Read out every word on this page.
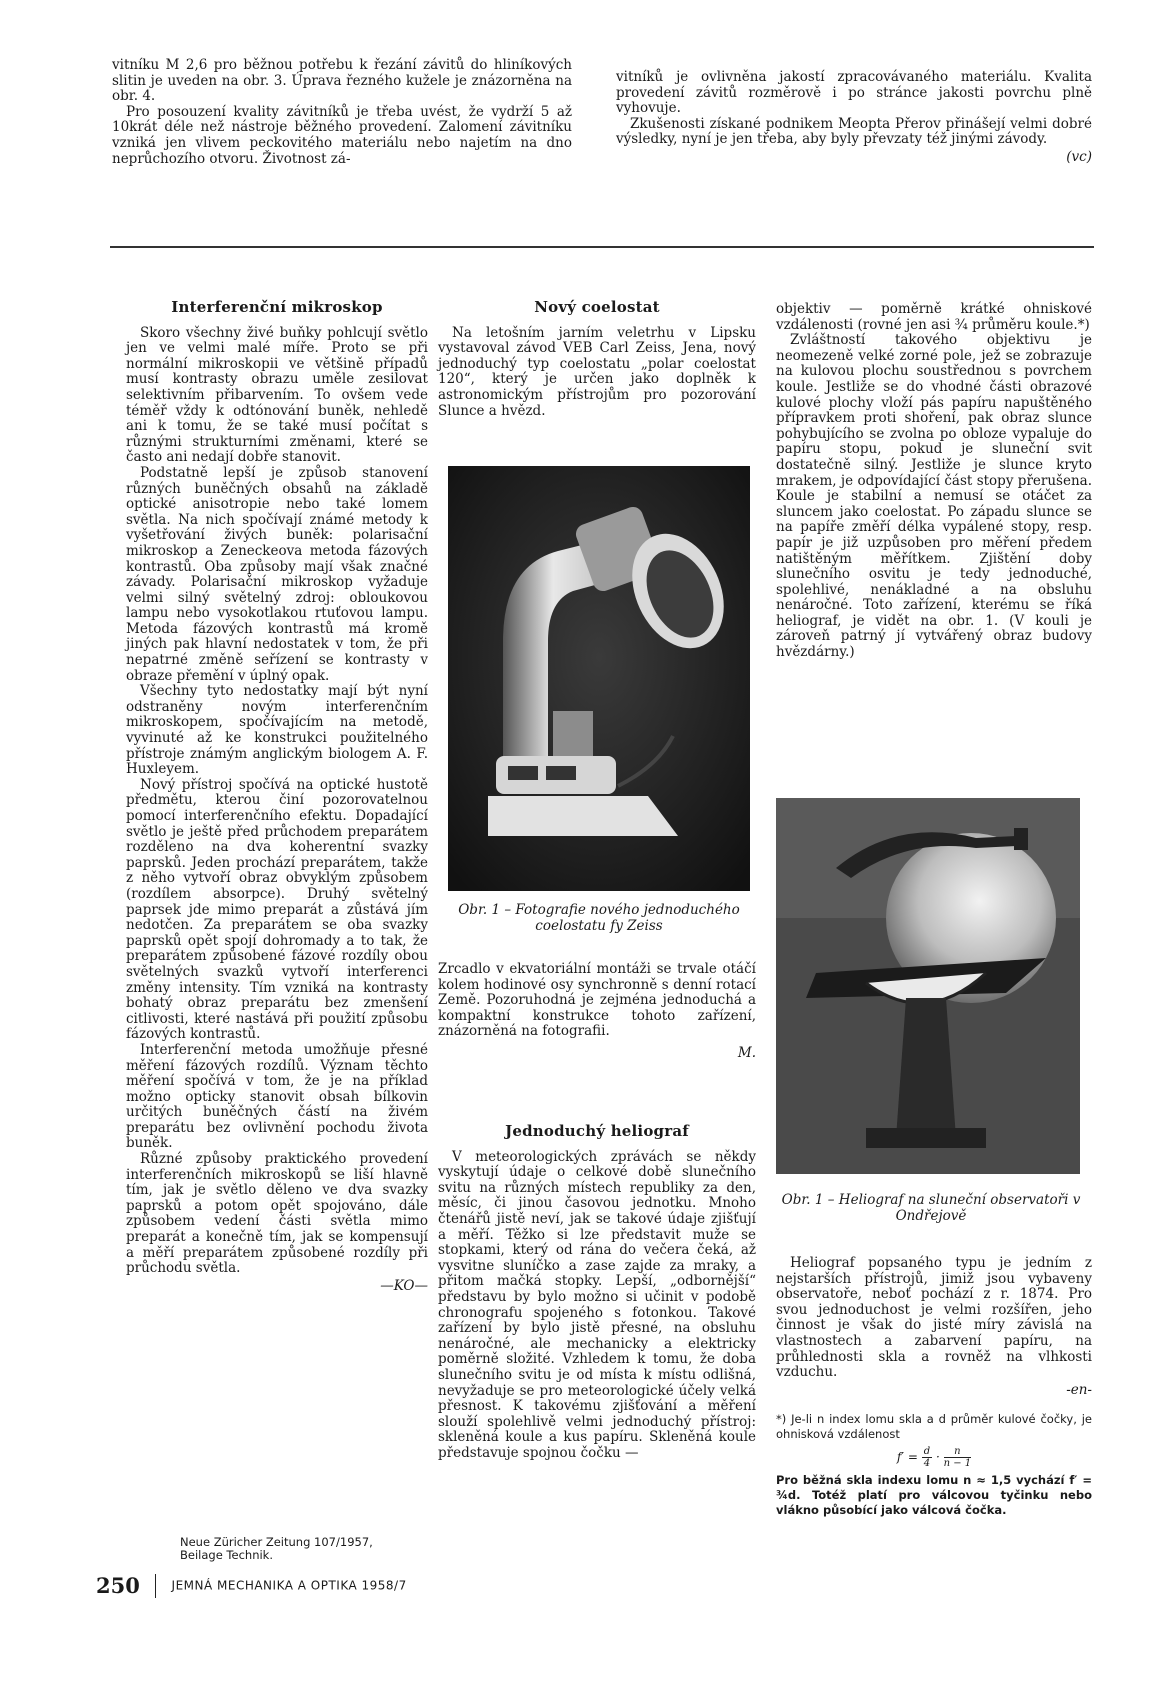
vitníku M 2,6 pro běžnou potřebu k řezání závitů do hliníkových slitin je uveden na obr. 3. Úprava řezného kužele je znázorněna na obr. 4.

Pro posouzení kvality závitníků je třeba uvést, že vydrží 5 až 10krát déle než nástroje běžného provedení. Zalomení závitníku vzniká jen vlivem peckovitého materiálu nebo najetím na dno neprůchozího otvoru. Životnost zá-

vitníků je ovlivněna jakostí zpracovávaného materiálu. Kvalita provedení závitů rozměrově i po stránce jakosti povrchu plně vyhovuje.

Zkušenosti získané podnikem Meopta Přerov přinášejí velmi dobré výsledky, nyní je jen třeba, aby byly převzaty též jinými závody.

(vc)
Interferenční mikroskop

Skoro všechny živé buňky pohlcují světlo jen ve velmi malé míře. Proto se při normální mikroskopii ve většině případů musí kontrasty obrazu uměle zesilovat selektivním přibarvením. To ovšem vede téměř vždy k odtónování buněk, nehledě ani k tomu, že se také musí počítat s různými strukturními změnami, které se často ani nedají dobře stanovit.

Podstatně lepší je způsob stanovení různých buněčných obsahů na základě optické anisotropie nebo také lomem světla. Na nich spočívají známé metody k vyšetřování živých buněk: polarisační mikroskop a Zeneckeova metoda fázových kontrastů. Oba způsoby mají však značné závady. Polarisační mikroskop vyžaduje velmi silný světelný zdroj: obloukovou lampu nebo vysokotlakou rtuťovou lampu. Metoda fázových kontrastů má kromě jiných pak hlavní nedostatek v tom, že při nepatrné změně seřízení se kontrasty v obraze přemění v úplný opak.

Všechny tyto nedostatky mají být nyní odstraněny novým interferenčním mikroskopem, spočívajícím na metodě, vyvinuté až ke konstrukci použitelného přístroje známým anglickým biologem A. F. Huxleyem.

Nový přístroj spočívá na optické hustotě předmětu, kterou činí pozorovatelnou pomocí interferenčního efektu. Dopadající světlo je ještě před průchodem preparátem rozděleno na dva koherentní svazky paprsků. Jeden prochází preparátem, takže z něho vytvoří obraz obvyklým způsobem (rozdílem absorpce). Druhý světelný paprsek jde mimo preparát a zůstává jím nedotčen. Za preparátem se oba svazky paprsků opět spojí dohromady a to tak, že preparátem způsobené fázové rozdíly obou světelných svazků vytvoří interferenci změny intensity. Tím vzniká na kontrasty bohatý obraz preparátu bez zmenšení citlivosti, které nastává při použití způsobu fázových kontrastů.

Interferenční metoda umožňuje přesné měření fázových rozdílů. Význam těchto měření spočívá v tom, že je na příklad možno opticky stanovit obsah bílkovin určitých buněčných částí na živém preparátu bez ovlivnění pochodu života buněk.

Různé způsoby praktického provedení interferenčních mikroskopů se liší hlavně tím, jak je světlo děleno ve dva svazky paprsků a potom opět spojováno, dále způsobem vedení části světla mimo preparát a konečně tím, jak se kompensují a měří preparátem způsobené rozdíly při průchodu světla.

—KO—
Neue Züricher Zeitung 107/1957,
Beilage Technik.
Nový coelostat

Na letošním jarním veletrhu v Lipsku vystavoval závod VEB Carl Zeiss, Jena, nový jednoduchý typ coelostatu „polar coelostat 120“, který je určen jako doplněk k astronomickým přístrojům pro pozorování Slunce a hvězd.

Obr. 1 – Fotografie nového jednoduchého coelostatu fy Zeiss

Zrcadlo v ekvatoriální montáži se trvale otáčí kolem hodinové osy synchronně s denní rotací Země. Pozoruhodná je zejména jednoduchá a kompaktní konstrukce tohoto zařízení, znázorněná na fotografii.

M.
Jednoduchý heliograf

V meteorologických zprávách se někdy vyskytují údaje o celkové době slunečního svitu na různých místech republiky za den, měsíc, či jinou časovou jednotku. Mnoho čtenářů jistě neví, jak se takové údaje zjišťují a měří. Těžko si lze představit muže se stopkami, který od rána do večera čeká, až vysvitne sluníčko a zase zajde za mraky, a přitom mačká stopky. Lepší, „odbornější“ představu by bylo možno si učinit v podobě chronografu spojeného s fotonkou. Takové zařízení by bylo jistě přesné, na obsluhu nenáročné, ale mechanicky a elektricky poměrně složité. Vzhledem k tomu, že doba slunečního svitu je od místa k místu odlišná, nevyžaduje se pro meteorologické účely velká přesnost. K takovému zjišťování a měření slouží spolehlivě velmi jednoduchý přístroj: skleněná koule a kus papíru. Skleněná koule představuje spojnou čočku —

objektiv — poměrně krátké ohniskové vzdálenosti (rovné jen asi ¾ průměru koule.*)

Zvláštností takového objektivu je neomezeně velké zorné pole, jež se zobrazuje na kulovou plochu soustřednou s povrchem koule. Jestliže se do vhodné části obrazové kulové plochy vloží pás papíru napuštěného přípravkem proti shoření, pak obraz slunce pohybujícího se zvolna po obloze vypaluje do papíru stopu, pokud je sluneční svit dostatečně silný. Jestliže je slunce kryto mrakem, je odpovídající část stopy přerušena. Koule je stabilní a nemusí se otáčet za sluncem jako coelostat. Po západu slunce se na papíře změří délka vypálené stopy, resp. papír je již uzpůsoben pro měření předem natištěným měřítkem. Zjištění doby slunečního osvitu je tedy jednoduché, spolehlivé, nenákladné a na obsluhu nenáročné. Toto zařízení, kterému se říká heliograf, je vidět na obr. 1. (V kouli je zároveň patrný jí vytvářený obraz budovy hvězdárny.)

Obr. 1 – Heliograf na sluneční observatoři v Ondřejově

Heliograf popsaného typu je jedním z nejstarších přístrojů, jimiž jsou vybaveny observatoře, neboť pochází z r. 1874. Pro svou jednoduchost je velmi rozšířen, jeho činnost je však do jisté míry závislá na vlastnostech a zabarvení papíru, na průhlednosti skla a rovněž na vlhkosti vzduchu.

-en-
*) Je-li n index lomu skla a d průměr kulové čočky, je ohnisková vzdálenost
$f' = \frac{d}{4} \cdot \frac{n}{n - 1}$
Pro běžná skla indexu lomu n ≈ 1,5 vychází f′ = ¾d. Totéž platí pro válcovou tyčinku nebo vlákno působící jako válcová čočka.
250	JEMNÁ MECHANIKA A OPTIKA 1958/7
